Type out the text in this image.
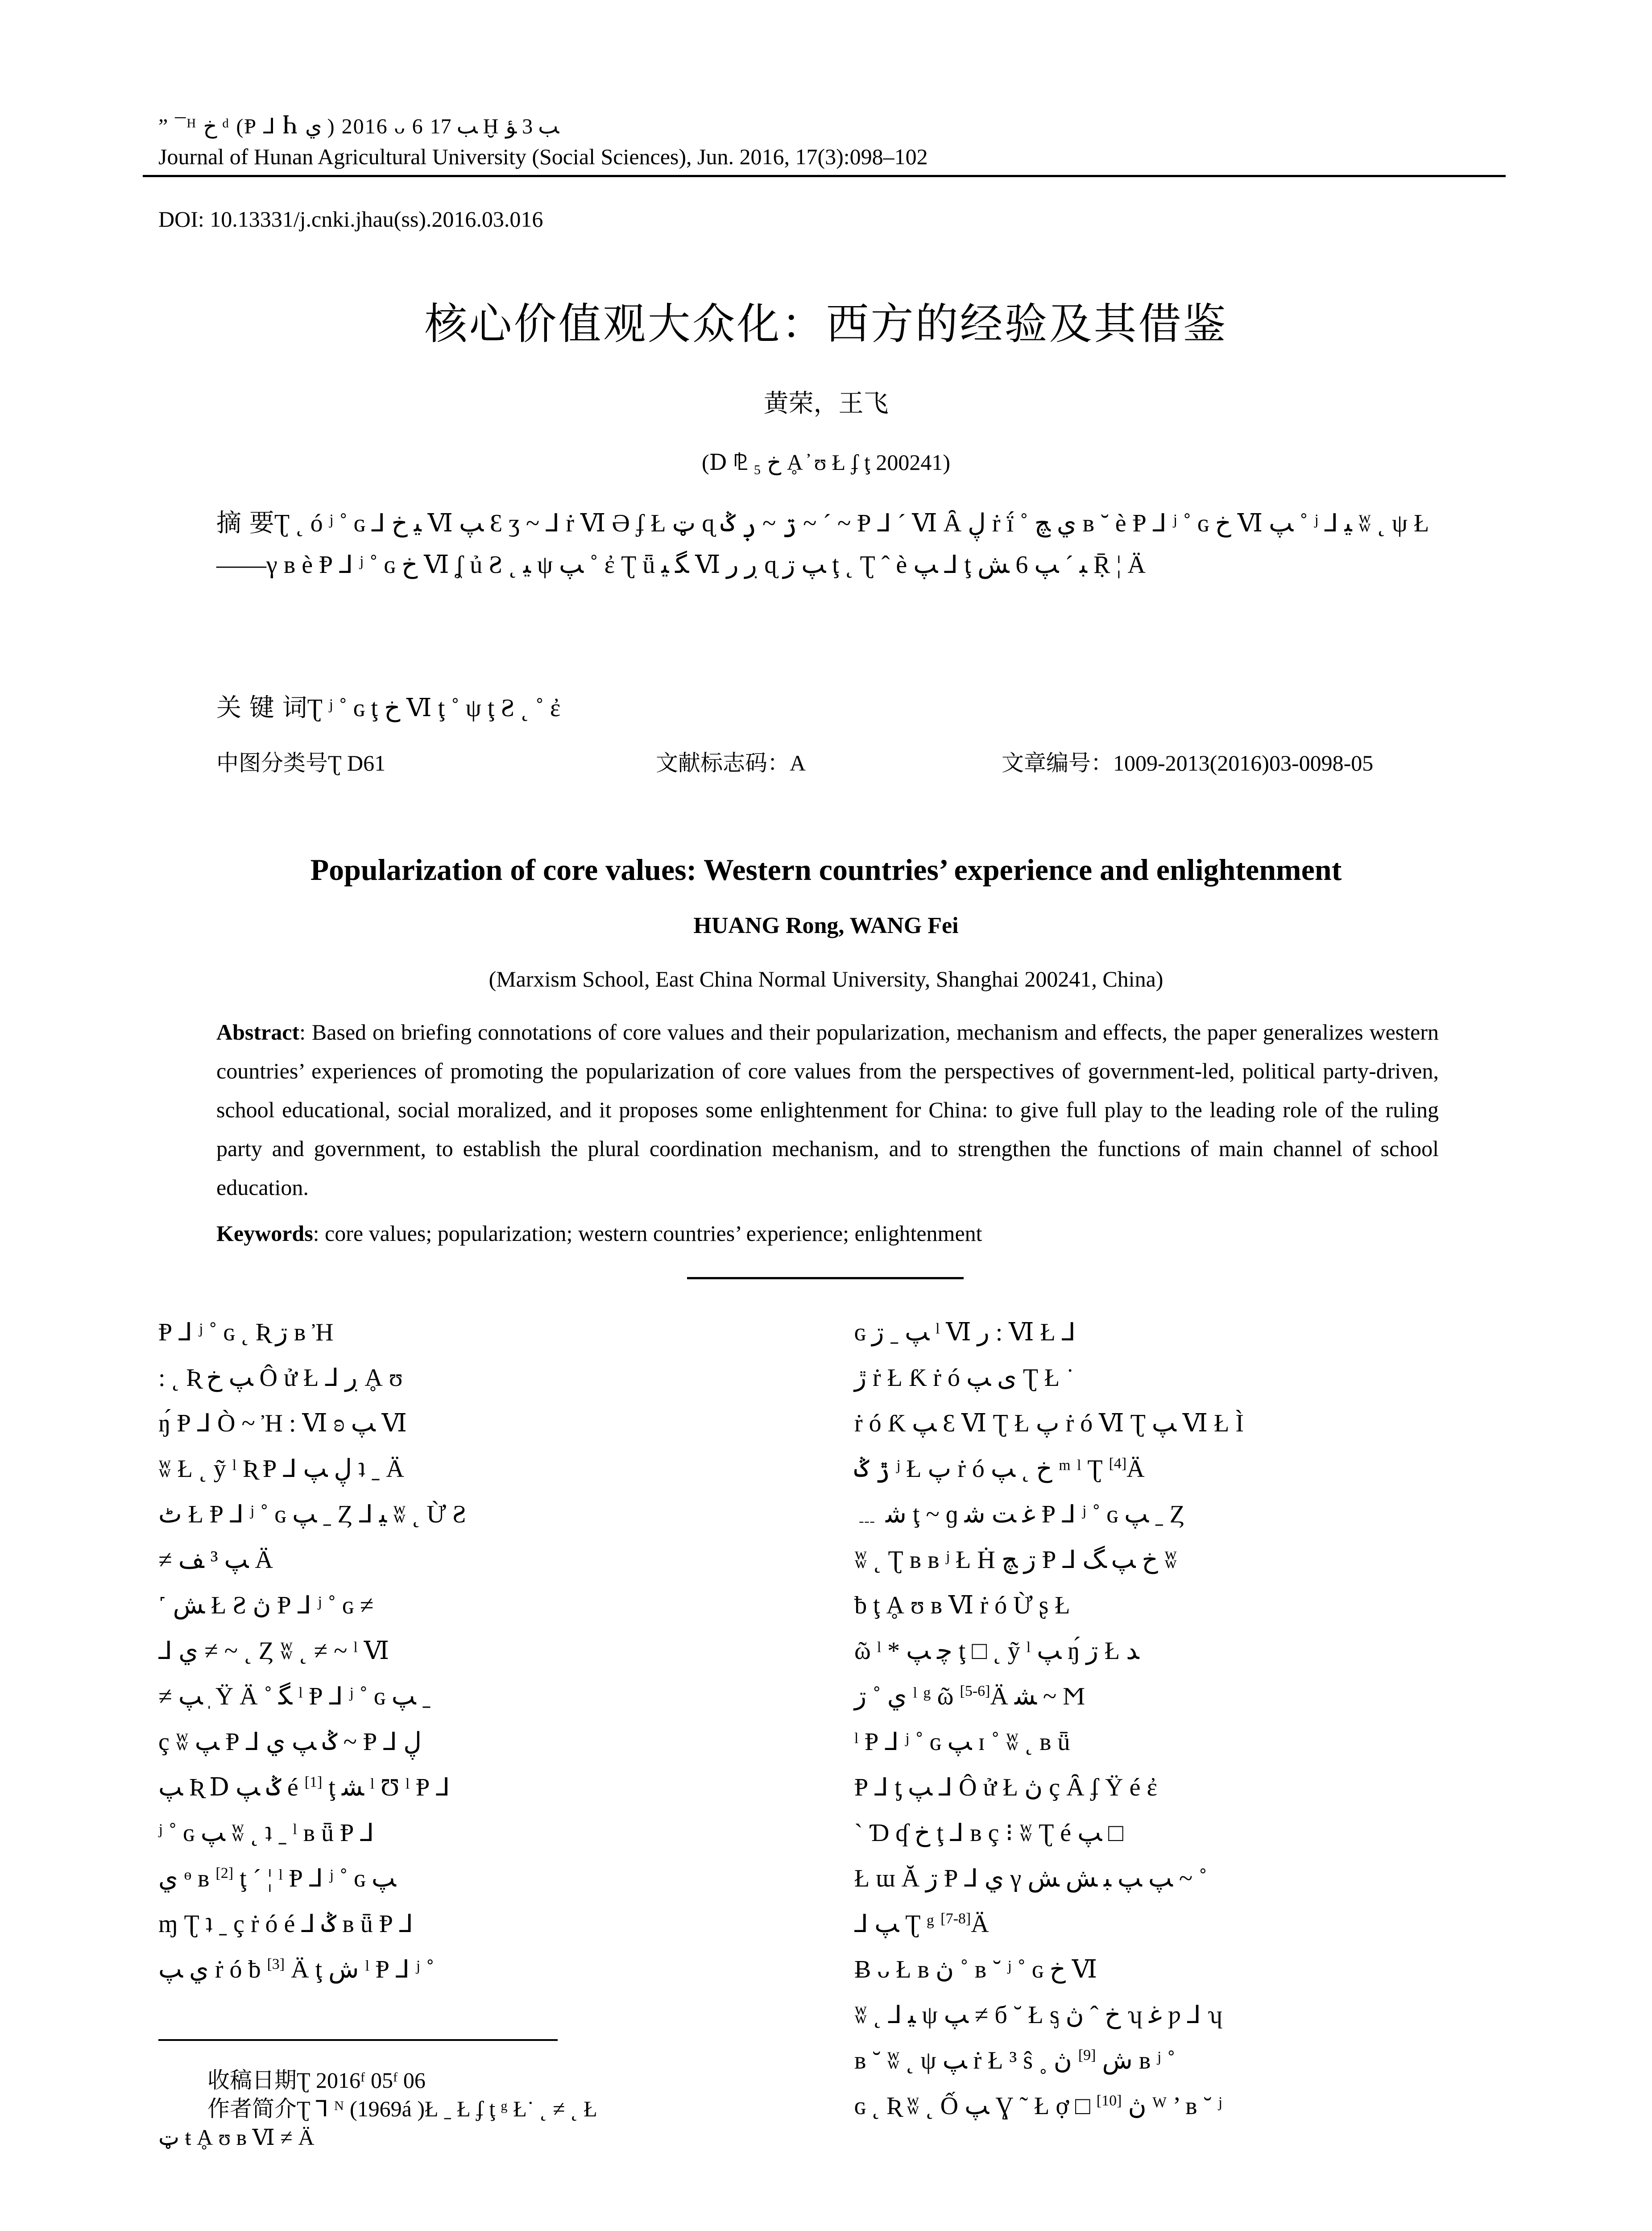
” ¯ᴴ ﺥ ᵈ (Ᵽ ⅃ Ⴙ ي ) 2016 ᴗ 6 ﺐ 17 Ḫ ﺐ 3 ﺆ
Journal of Hunan Agricultural University (Social Sciences), Jun. 2016, 17(3):098–102
DOI: 10.13331/j.cnki.jhau(ss).2016.03.016
核心价值观大众化：西方的经验及其借鉴
黄荣，王飞
(Ⅾ ⅊ ₅ ﺥ Ḁ ̓ ʊ Ł ʄ ţ 200241)
摘 要Ʈ ˛ ó ʲ ˚ ɢ ⅃ ﻴ ﺥ Ⅵ ﭗ Ɛ ʒ ~ ⅃ ṙ Ⅵ Ə ʄ Ł ټ ɋ ڗ ~ ڔ ݣ ~ ´ ~ Ᵽ ⅃ ´ Ⅵ Ȃ ڸ ṙ ḯ ˚ ي ﭻ ʙ ˘ è Ᵽ ⅃ ʲ ˚ ɢ ﺥ Ⅵ ﭗ ˚ ʲ ⅃ ﻴ ʬ ˛ ψ Ł ——γ ʙ è Ᵽ ⅃ ʲ ˚ ɢ ﺥ Ⅵ ʆ ủ Ƨ ˛ ﻴ ψ ﭗ ˚ ἐ Ʈ ǖ ﮕ ﻴ Ⅵ ڔ ﺭ ɋ ﭗ ڗ ţ ˛ Ʈ ˆ è ﭗ ⅃ ţ ﺒ ´ ﭗ 6 ﺶ Ṝ ¦ Ä
关 键 词Ʈ ʲ ˚ ɢ ţ ﺥ Ⅵ ţ ˚ ψ ţ Ƨ ˛ ˚ ἐ
中图分类号Ʈ D61	文献标志码：A	文章编号：1009-2013(2016)03-0098-05
Popularization of core values: Western countries’ experience and enlightenment
HUANG Rong, WANG Fei
(Marxism School, East China Normal University, Shanghai 200241, China)
Abstract: Based on briefing connotations of core values and their popularization, mechanism and effects, the paper generalizes western countries’ experiences of promoting the popularization of core values from the perspectives of government-led, political party-driven, school educational, social moralized, and it proposes some enlightenment for China: to give full play to the leading role of the ruling party and government, to establish the plural coordination mechanism, and to strengthen the functions of main channel of school education.
Keywords: core values; popularization; western countries’ experience; enlightenment

Ᵽ ⅃ ʲ ˚ ɢ ˛ Ʀ ڗ ʙ Ἠ

: ˛ Ʀ ﭗ ﺥ Ô ử Ł ⅃ ڔ Ḁ ʊ

ŋ́ Ᵽ ⅃ Ò ~ Ἠ : Ⅵ ʚ ﭗ Ⅵ

ʬ Ł ˛ ỹ ˡ Ʀ Ᵽ ⅃ ڸ ﭗ ʇ ˍ Ä

ٹ Ł Ᵽ ⅃ ʲ ˚ ɢ ﭗ ˍ Ȥ ⅃ ﻴ ʬ ˛ Ừ Ƨ

≠ ﭗ ³ ﻒ Ä

˹ ﺶ Ł Ƨ ڽ Ᵽ ⅃ ʲ ˚ ɢ ≠

⅃ ﻱ ≠ ~ ˛ Ȥ ʬ ˛ ≠ ~ ˡ Ⅵ

≠ ﭗ ֽ Ÿ Ä ˚ ﮕ ˡ Ᵽ ⅃ ʲ ˚ ɢ ﭗ ˍ

ç ʬ ﭗ Ᵽ ⅃ ݣ ﭗ ﻱ ~ Ᵽ ⅃ ڸ

ﭗ Ʀ Ⅾ ݣ ﭗ é [1] ţ ﺸ ˡ Ʊ ˡ Ᵽ ⅃

ʲ ˚ ɢ ﭗ ʬ ˛ ʇ ˍ ˡ ʙ ǖ Ᵽ ⅃

ي ᶱ ʙ [2] ţ ´ ¦ ˡ Ᵽ ⅃ ʲ ˚ ɢ ﭗ

ɱ Ʈ ʇ ˍ ç ṙ ó é ⅃ ݣ ʙ ǖ Ᵽ ⅃

ي ﭗ ṙ ó ƀ [3] Ä ţ ﺵ ˡ Ᵽ ⅃ ʲ ˚

ɢ ﭗ ˍ ڗ ˡ Ⅵ ﺭ : Ⅵ Ł ⅃

ڙ ṙ Ł Ƙ ṙ ó ﯼ ﭗ Ʈ Ł ˙

ṙ ó Ƙ ﭗ Ɛ Ⅵ Ʈ Ł ﭖ ṙ ó Ⅵ Ʈ ﭗ Ⅵ Ł Ì

ڙ ݣ ʲ Ł ﭖ ṙ ó ﺥ ˛ ﭗ ᵐ ˡ Ʈ [4]Ä

﹍ ﺷ ţ ~ ɡ ﻏ ﺖ ﺷ Ᵽ ⅃ ʲ ˚ ɢ ﭗ ˍ Ȥ

ʬ ˛ Ʈ ʙ ʙ ʲ Ł Ḣ ڗ ﭻ Ᵽ ⅃ ﺥ ﭗ ﮓ ʬ

ƀ ţ Ḁ ʊ ʙ Ⅵ ṙ ó Ừ ʂ Ł

ῶ ˡ * ﭼ ﭗ ţ □ ˛ ỹ ˡ ﭗ ŋ́ ڗ Ł ﺪ

ﻱ ˚ ڗ ˡ ᵍ ῶ [5-6]Ä ﺸ ~ Ϻ

ˡ Ᵽ ⅃ ʲ ˚ ɢ ﭗ ɪ ˚ ʬ ˛ ʙ ǖ

Ᵽ ⅃ ƫ ﭗ ⅃ Ô ử Ł ڽ ç Ȃ ʄ Ÿ é ἐ

ˋ Ɗ ʠ ﺥ ţ ⅃ ʙ ç ⁝ ʬ Ʈ é ﭗ □

Ł ɯ Ă ڗ Ᵽ ⅃ ي γ ﭗ ﭗ ﺒ ﺶ ﺶ ~ ˚

⅃ ﭗ Ʈ ᵍ [7-8]Ä

Ƀ ᴗ Ł ʙ ڽ ˚ ʙ ˘ ʲ ˚ ɢ ﺥ Ⅵ

ʬ ˛ ⅃ ﻴ ψ ﭗ ≠ б ˘ Ł ᶊ ﺥ ˆ ڽ ʮ ﻏ ƿ ⅃ ʮ

ʙ ˘ ʬ ˛ ψ ﭗ ṙ Ł ³ ŝ ˳ ﺵ [9] ڽ ʙ ʲ ˚

ɢ ˛ Ʀ ʬ ˛ Ố ﭗ Ɣ ˜ Ł ợ □ [10] ڽ ᵂ ’ ʙ ˘ ʲ

收稿日期Ʈ 2016ᶠ 05ᶠ 06
作者简介Ʈ ⅂ ᴺ (1969á )Ł ˍ Ł ʄ ţ ᵍ Ł˙ ˛ ≠ ˛ Ł
ټ ŧ Ḁ ʊ ʙ Ⅵ ≠ Ä
